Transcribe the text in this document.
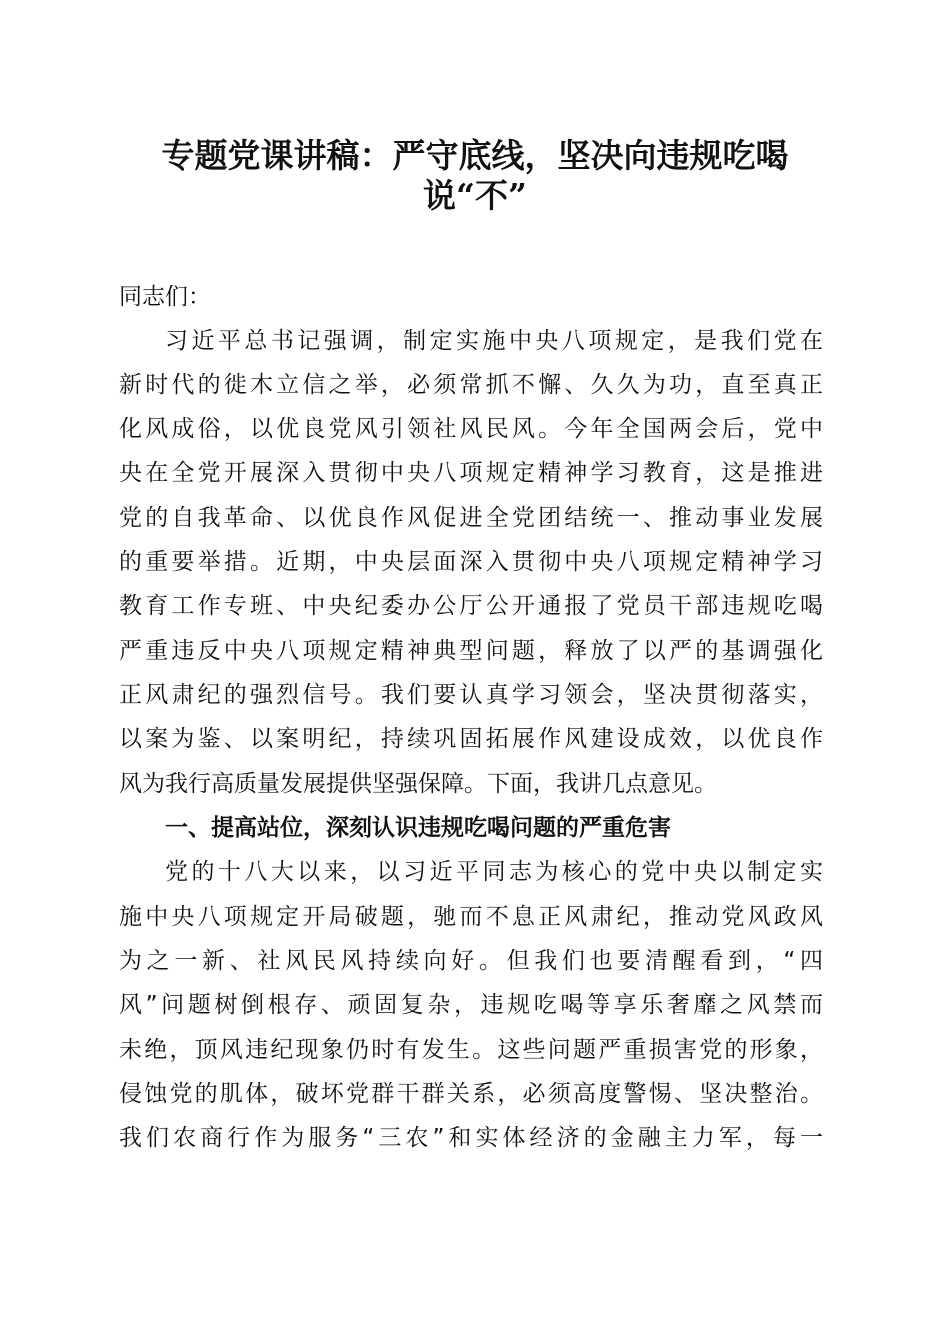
专题党课讲稿：严守底线，坚决向违规吃喝
说“不”
同志们：
习近平总书记强调，制定实施中央八项规定，是我们党在
新时代的徙木立信之举，必须常抓不懈、久久为功，直至真正
化风成俗，以优良党风引领社风民风。今年全国两会后，党中
央在全党开展深入贯彻中央八项规定精神学习教育，这是推进
党的自我革命、以优良作风促进全党团结统一、推动事业发展
的重要举措。近期，中央层面深入贯彻中央八项规定精神学习
教育工作专班、中央纪委办公厅公开通报了党员干部违规吃喝
严重违反中央八项规定精神典型问题，释放了以严的基调强化
正风肃纪的强烈信号。我们要认真学习领会，坚决贯彻落实，
以案为鉴、以案明纪，持续巩固拓展作风建设成效，以优良作
风为我行高质量发展提供坚强保障。下面，我讲几点意见。
一、提高站位，深刻认识违规吃喝问题的严重危害
党的十八大以来，以习近平同志为核心的党中央以制定实
施中央八项规定开局破题，驰而不息正风肃纪，推动党风政风
为之一新、社风民风持续向好。但我们也要清醒看到，“四
风”问题树倒根存、顽固复杂，违规吃喝等享乐奢靡之风禁而
未绝，顶风违纪现象仍时有发生。这些问题严重损害党的形象，
侵蚀党的肌体，破坏党群干群关系，必须高度警惕、坚决整治。
我们农商行作为服务“三农”和实体经济的金融主力军，每一
